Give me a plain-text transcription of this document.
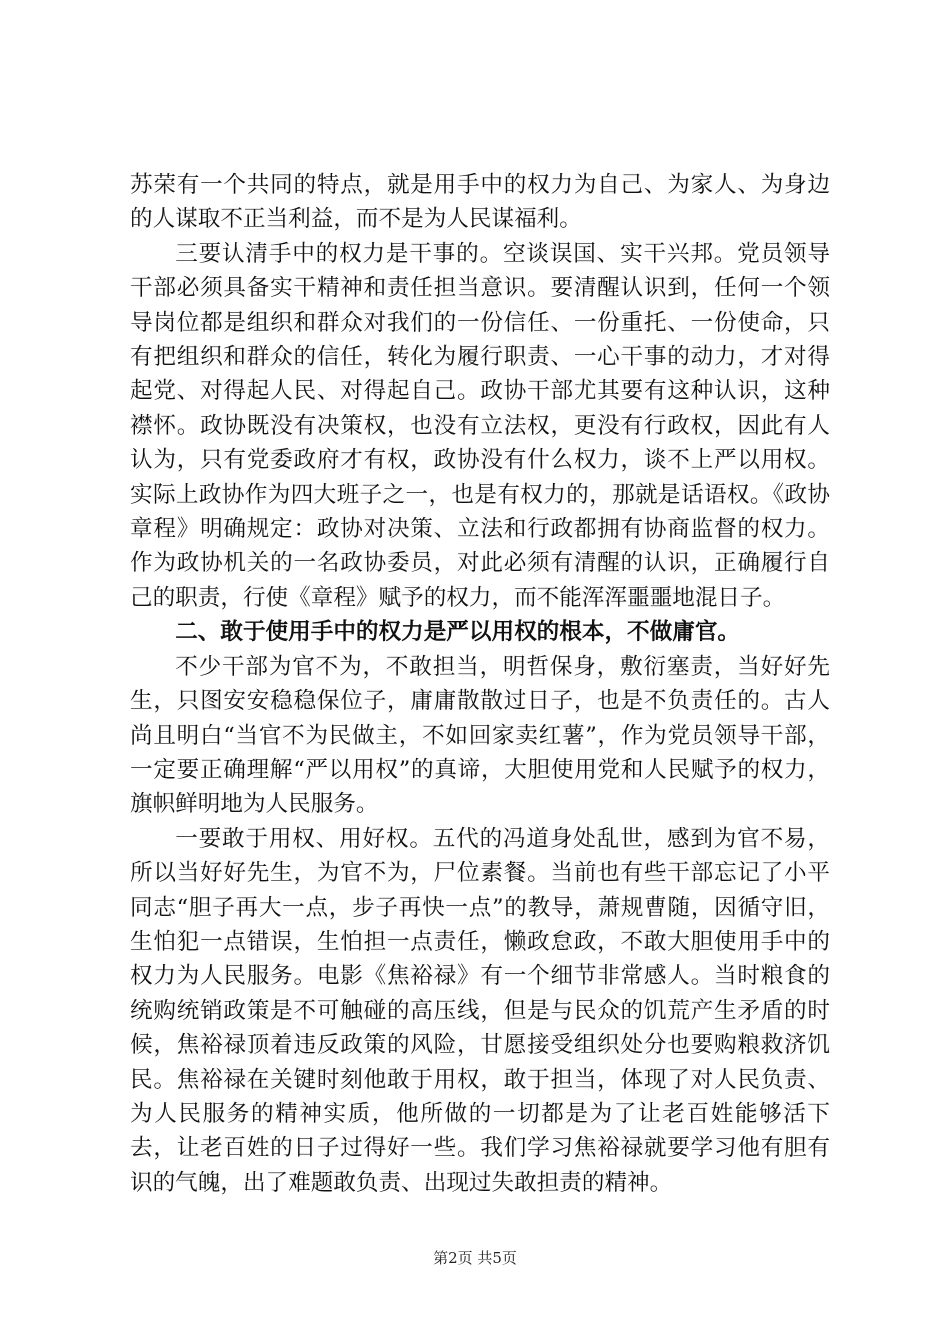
苏荣有一个共同的特点，就是用手中的权力为自己、为家人、为身边的人谋取不正当利益，而不是为人民谋福利。

三要认清手中的权力是干事的。空谈误国、实干兴邦。党员领导干部必须具备实干精神和责任担当意识。要清醒认识到，任何一个领导岗位都是组织和群众对我们的一份信任、一份重托、一份使命，只有把组织和群众的信任，转化为履行职责、一心干事的动力，才对得起党、对得起人民、对得起自己。政协干部尤其要有这种认识，这种襟怀。政协既没有决策权，也没有立法权，更没有行政权，因此有人认为，只有党委政府才有权，政协没有什么权力，谈不上严以用权。实际上政协作为四大班子之一，也是有权力的，那就是话语权。《政协章程》明确规定：政协对决策、立法和行政都拥有协商监督的权力。作为政协机关的一名政协委员，对此必须有清醒的认识，正确履行自己的职责，行使《章程》赋予的权力，而不能浑浑噩噩地混日子。

二、敢于使用手中的权力是严以用权的根本，不做庸官。

不少干部为官不为，不敢担当，明哲保身，敷衍塞责，当好好先生，只图安安稳稳保位子，庸庸散散过日子，也是不负责任的。古人尚且明白“当官不为民做主，不如回家卖红薯”，作为党员领导干部，一定要正确理解“严以用权”的真谛，大胆使用党和人民赋予的权力，旗帜鲜明地为人民服务。

一要敢于用权、用好权。五代的冯道身处乱世，感到为官不易，所以当好好先生，为官不为，尸位素餐。当前也有些干部忘记了小平同志“胆子再大一点，步子再快一点”的教导，萧规曹随，因循守旧，生怕犯一点错误，生怕担一点责任，懒政怠政，不敢大胆使用手中的权力为人民服务。电影《焦裕禄》有一个细节非常感人。当时粮食的统购统销政策是不可触碰的高压线，但是与民众的饥荒产生矛盾的时候，焦裕禄顶着违反政策的风险，甘愿接受组织处分也要购粮救济饥民。焦裕禄在关键时刻他敢于用权，敢于担当，体现了对人民负责、为人民服务的精神实质，他所做的一切都是为了让老百姓能够活下去，让老百姓的日子过得好一些。我们学习焦裕禄就要学习他有胆有识的气魄，出了难题敢负责、出现过失敢担责的精神。

第2页 共5页
